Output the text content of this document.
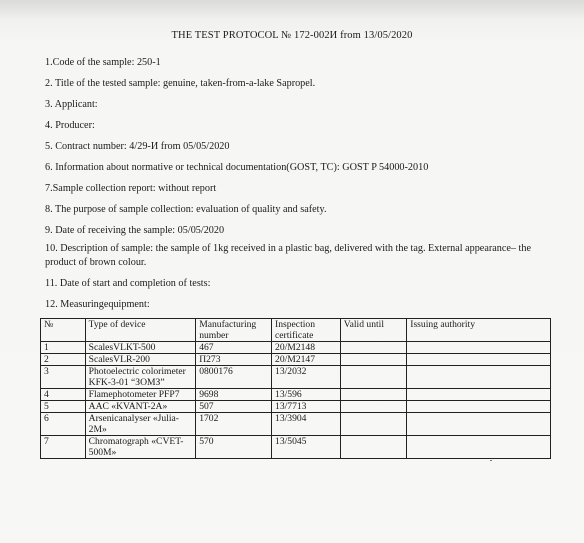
THE TEST PROTOCOL № 172-002И from 13/05/2020
1.Code of the sample: 250-1
2. Title of the tested sample: genuine, taken-from-a-lake Sapropel.
3. Applicant:
4. Producer:
5. Contract number: 4/29-И from 05/05/2020
6. Information about normative or technical documentation(GOST, TC): GOST P 54000-2010
7.Sample collection report: without report
8. The purpose of sample collection: evaluation of quality and safety.
9. Date of receiving the sample: 05/05/2020
10. Description of sample: the sample of 1kg received in a plastic bag, delivered with the tag. External appearance– the product of brown colour.
11. Date of start and completion of tests:
12. Measuringequipment:
№	Type of device	Manufacturing number	Inspection certificate	Valid until	Issuing authority
1	ScalesVLKT-500	467	20/M2148		
2	ScalesVLR-200	П273	20/M2147		
3	Photoelectric colorimeter KFK-3-01 “ЗОМЗ”	0800176	13/2032		
4	Flamephotometer PFP7	9698	13/596		
5	AAC «KVANT-2A»	507	13/7713		
6	Arsenicanalyser «Julia-2M»	1702	13/3904		
7	Chromatograph «CVET-500M»	570	13/5045		
